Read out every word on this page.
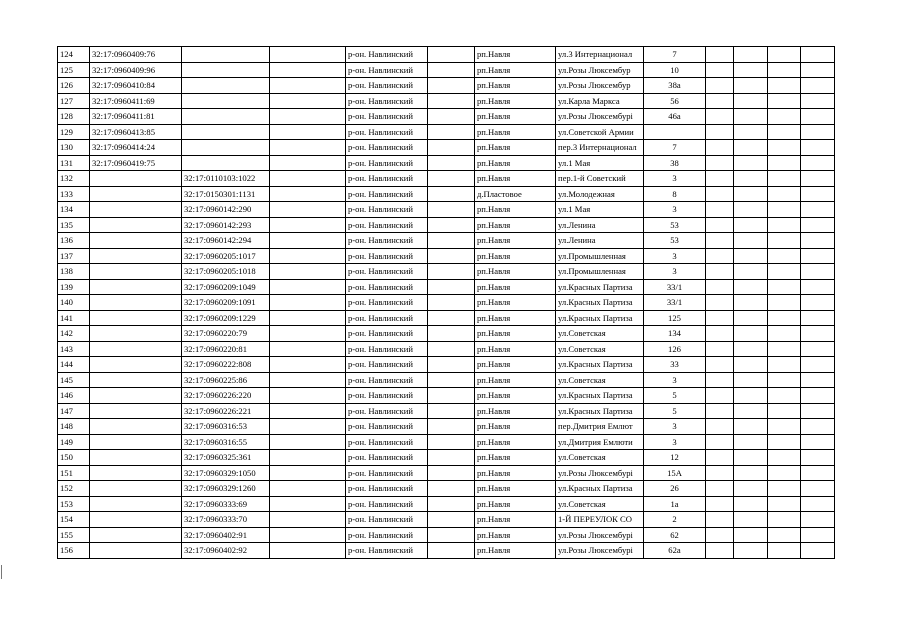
124	32:17:0960409:76			р-он. Навлинский		рп.Навля	ул.3 Интернационал	7				
125	32:17:0960409:96			р-он. Навлинский		рп.Навля	ул.Розы Люксембур	10				
126	32:17:0960410:84			р-он. Навлинский		рп.Навля	ул.Розы Люксембур	38а				
127	32:17:0960411:69			р-он. Навлинский		рп.Навля	ул.Карла Маркса	56				
128	32:17:0960411:81			р-он. Навлинский		рп.Навля	ул.Розы Люксембурі	46а				
129	32:17:0960413:85			р-он. Навлинский		рп.Навля	ул.Советской Армии					
130	32:17:0960414:24			р-он. Навлинский		рп.Навля	пер.3 Интернационал	7				
131	32:17:0960419:75			р-он. Навлинский		рп.Навля	ул.1 Мая	38				
132		32:17:0110103:1022		р-он. Навлинский		рп.Навля	пер.1-й Советский	3				
133		32:17:0150301:1131		р-он. Навлинский		д.Пластовое	ул.Молодежная	8				
134		32:17:0960142:290		р-он. Навлинский		рп.Навля	ул.1 Мая	3				
135		32:17:0960142:293		р-он. Навлинский		рп.Навля	ул.Ленина	53				
136		32:17:0960142:294		р-он. Навлинский		рп.Навля	ул.Ленина	53				
137		32:17:0960205:1017		р-он. Навлинский		рп.Навля	ул.Промышленная	3				
138		32:17:0960205:1018		р-он. Навлинский		рп.Навля	ул.Промышленная	3				
139		32:17:0960209:1049		р-он. Навлинский		рп.Навля	ул.Красных Партиза	33/1				
140		32:17:0960209:1091		р-он. Навлинский		рп.Навля	ул.Красных Партиза	33/1				
141		32:17:0960209:1229		р-он. Навлинский		рп.Навля	ул.Красных Партиза	125				
142		32:17:0960220:79		р-он. Навлинский		рп.Навля	ул.Советская	134				
143		32:17:0960220:81		р-он. Навлинский		рп.Навля	ул.Советская	126				
144		32:17:0960222:808		р-он. Навлинский		рп.Навля	ул.Красных Партиза	33				
145		32:17:0960225:86		р-он. Навлинский		рп.Навля	ул.Советская	3				
146		32:17:0960226:220		р-он. Навлинский		рп.Навля	ул.Красных Партиза	5				
147		32:17:0960226:221		р-он. Навлинский		рп.Навля	ул.Красных Партиза	5				
148		32:17:0960316:53		р-он. Навлинский		рп.Навля	пер.Дмитрия Емлют	3				
149		32:17:0960316:55		р-он. Навлинский		рп.Навля	ул.Дмитрия Емлюти	3				
150		32:17:0960325:361		р-он. Навлинский		рп.Навля	ул.Советская	12				
151		32:17:0960329:1050		р-он. Навлинский		рп.Навля	ул.Розы Люксембурі	15А				
152		32:17:0960329:1260		р-он. Навлинский		рп.Навля	ул.Красных Партиза	26				
153		32:17:0960333:69		р-он. Навлинский		рп.Навля	ул.Советская	1а				
154		32:17:0960333:70		р-он. Навлинский		рп.Навля	1-Й ПЕРЕУЛОК СО	2				
155		32:17:0960402:91		р-он. Навлинский		рп.Навля	ул.Розы Люксембурі	62				
156		32:17:0960402:92		р-он. Навлинский		рп.Навля	ул.Розы Люксембурі	62а				
